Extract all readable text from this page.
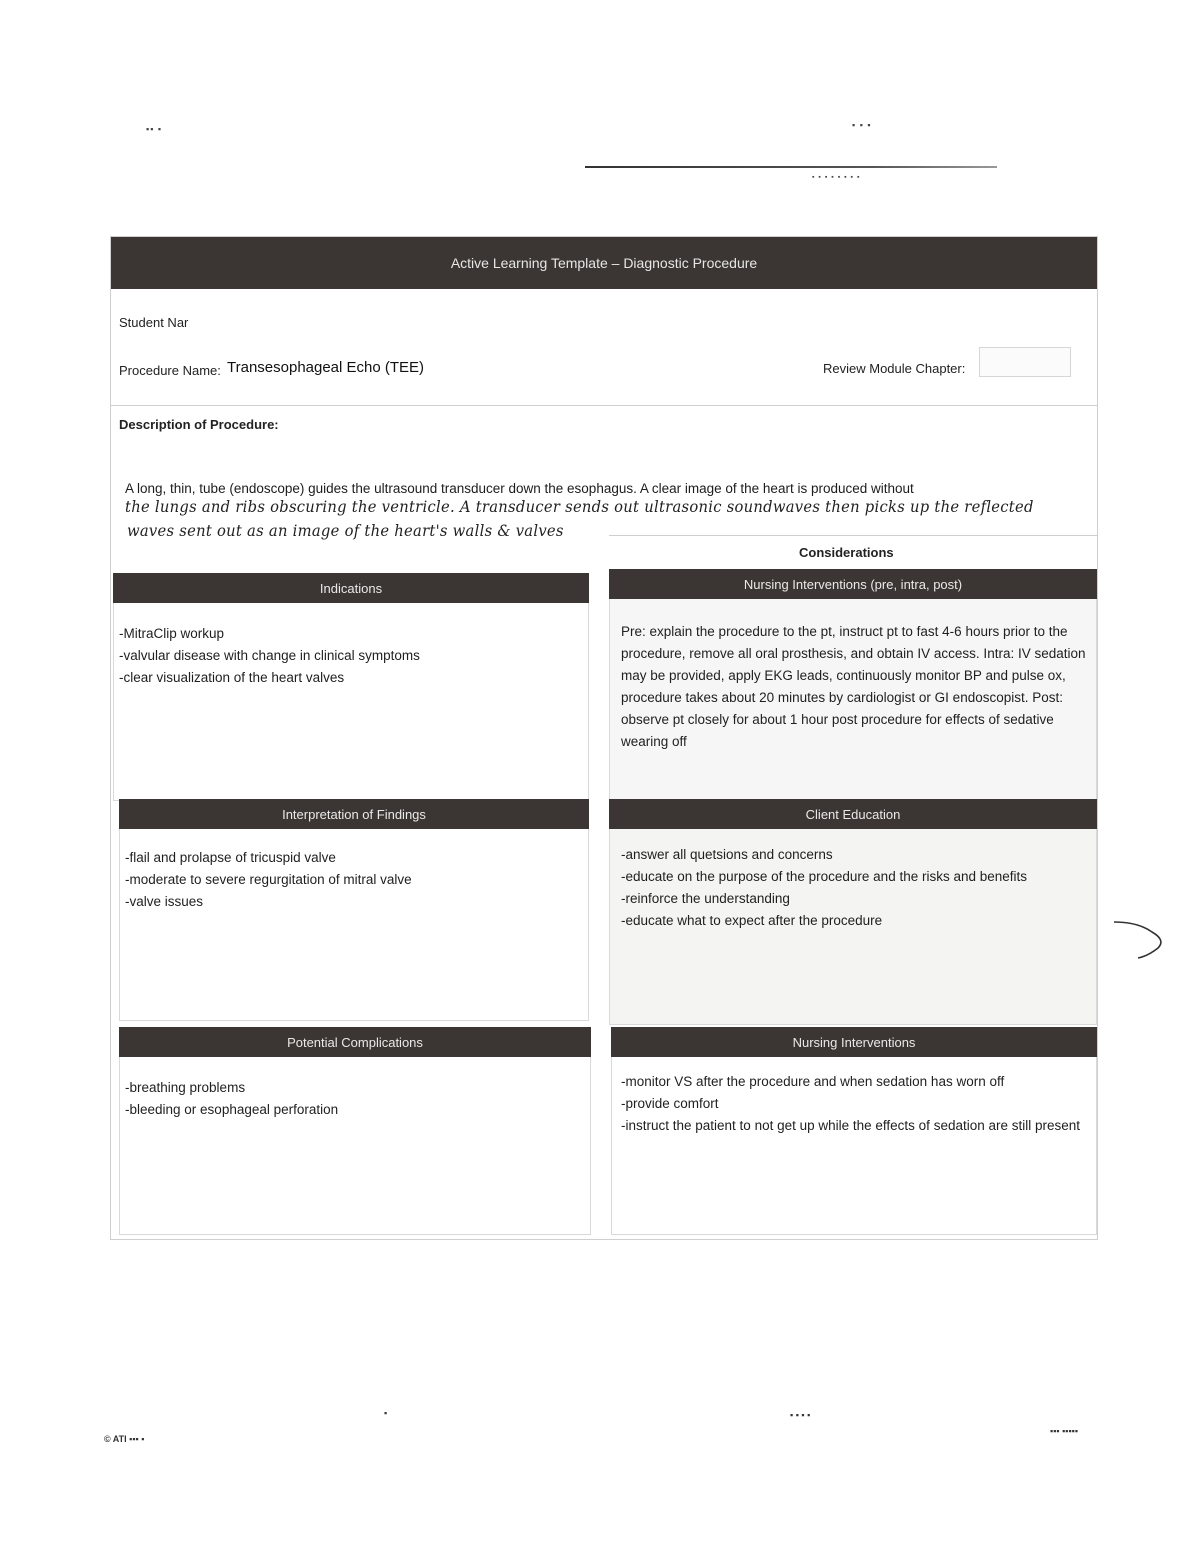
▪▪ ▪	▪ ▪ ▪
▪ ▪ ▪ ▪ ▪ ▪ ▪ ▪
Active Learning Template – Diagnostic Procedure
Student Nar
Procedure Name: Transesophageal Echo (TEE)	Review Module Chapter:
Description of Procedure:
A long, thin, tube (endoscope) guides the ultrasound transducer down the esophagus. A clear image of the heart is produced without
the lungs and ribs obscuring the ventricle. A transducer sends out ultrasonic soundwaves then picks up the reflected
waves sent out as an image of the heart's walls & valves
Considerations
Indications
-MitraClip workup
-valvular disease with change in clinical symptoms
-clear visualization of the heart valves
Nursing Interventions (pre, intra, post)
Pre: explain the procedure to the pt, instruct pt to fast 4-6 hours prior to the procedure, remove all oral prosthesis, and obtain IV access. Intra: IV sedation may be provided, apply EKG leads, continuously monitor BP and pulse ox, procedure takes about 20 minutes by cardiologist or GI endoscopist. Post: observe pt closely for about 1 hour post procedure for effects of sedative wearing off
Interpretation of Findings
-flail and prolapse of tricuspid valve
-moderate to severe regurgitation of mitral valve
-valve issues
Client Education
-answer all quetsions and concerns
-educate on the purpose of the procedure and the risks and benefits
-reinforce the understanding
-educate what to expect after the procedure
Potential Complications
-breathing problems
-bleeding or esophageal perforation
Nursing Interventions
-monitor VS after the procedure and when sedation has worn off
-provide comfort
-instruct the patient to not get up while the effects of sedation are still present
© ATI ▪▪▪ ▪
▪	▪ ▪ ▪ ▪
▪▪▪ ▪▪▪▪▪
